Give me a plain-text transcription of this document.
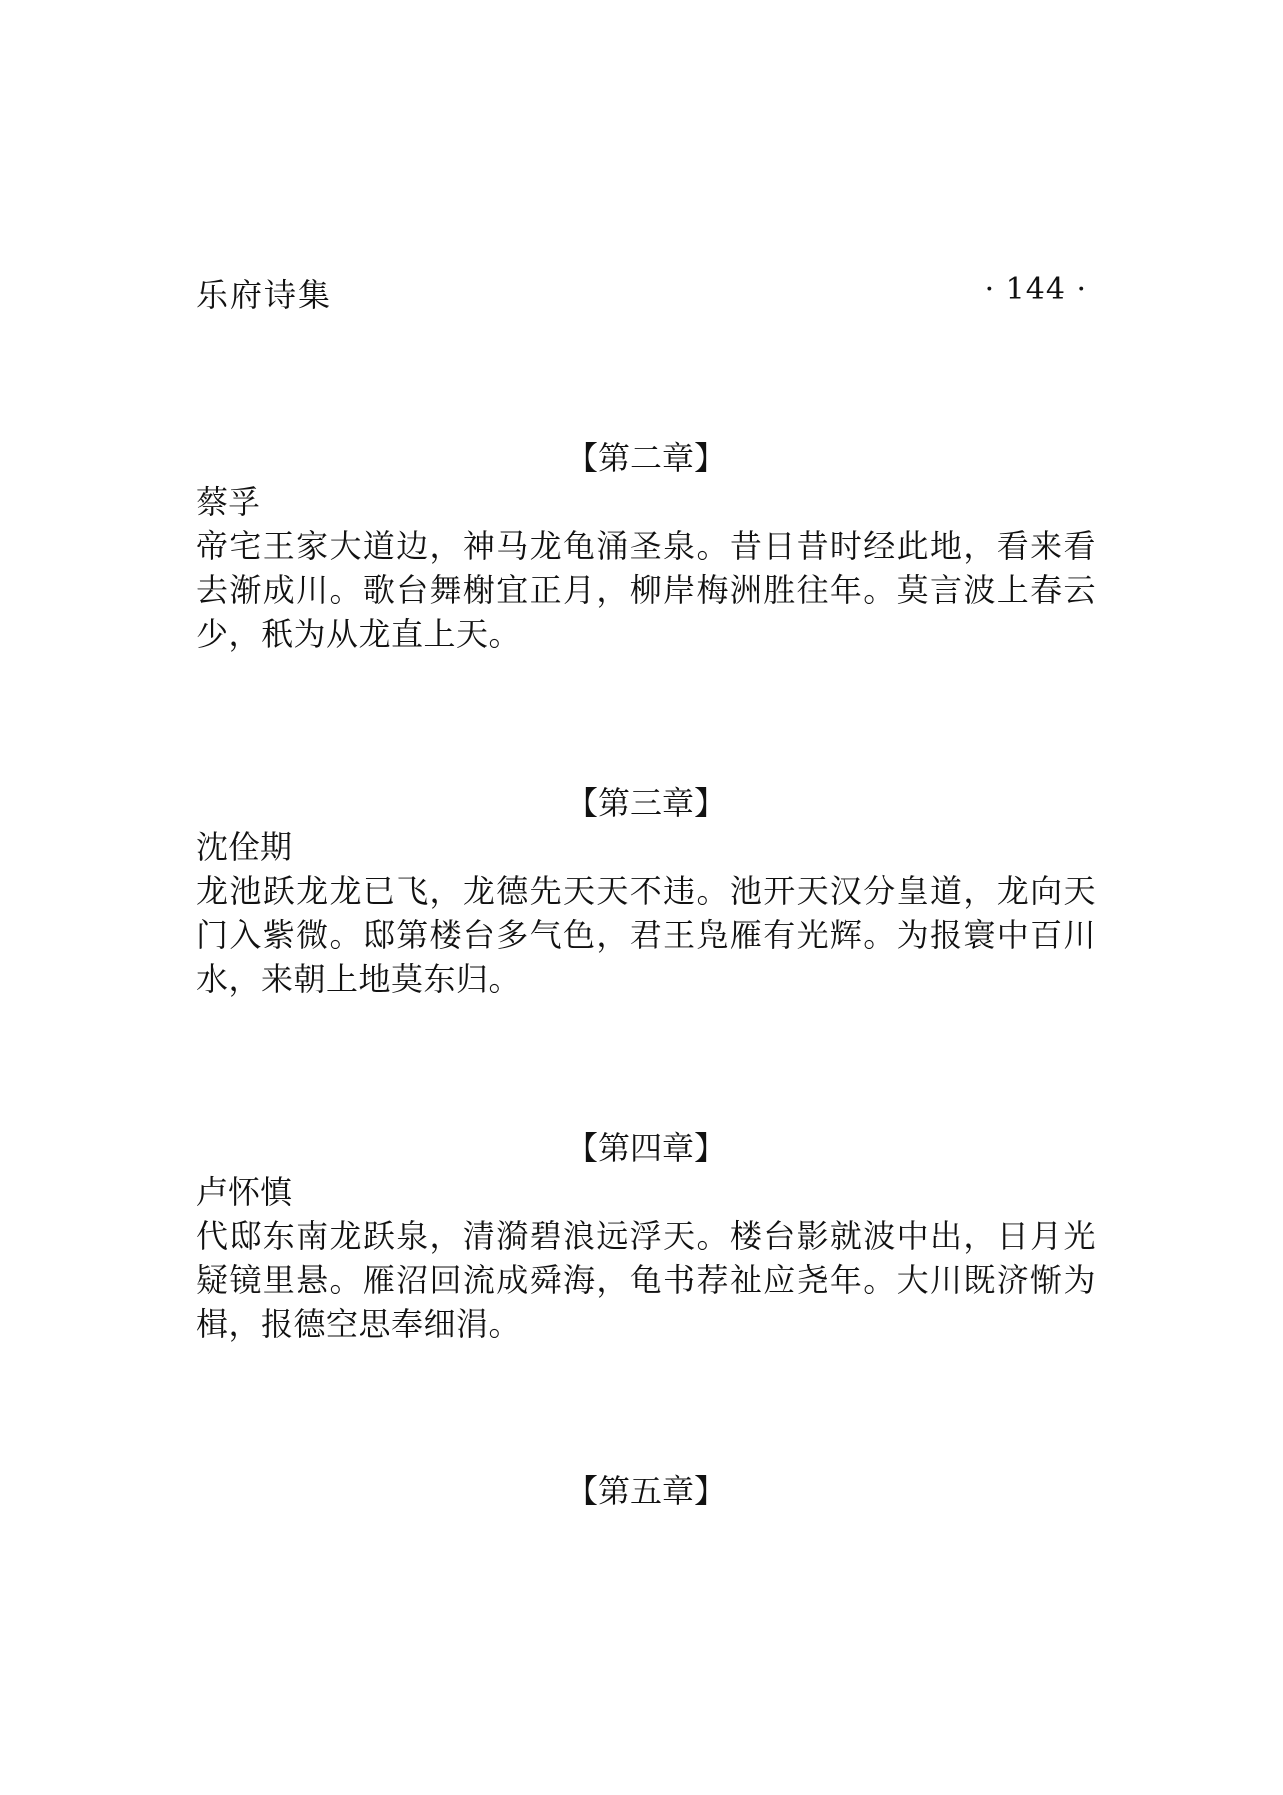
乐府诗集	· 144 ·
【第二章】
蔡孚

帝宅王家大道边，神马龙龟涌圣泉。昔日昔时经此地，看来看去渐成川。歌台舞榭宜正月，柳岸梅洲胜往年。莫言波上春云少，秖为从龙直上天。

【第三章】
沈佺期

龙池跃龙龙已飞，龙德先天天不违。池开天汉分皇道，龙向天门入紫微。邸第楼台多气色，君王凫雁有光辉。为报寰中百川水，来朝上地莫东归。

【第四章】
卢怀慎

代邸东南龙跃泉，清漪碧浪远浮天。楼台影就波中出，日月光疑镜里悬。雁沼回流成舜海，龟书荐祉应尧年。大川既济惭为楫，报德空思奉细涓。

【第五章】
